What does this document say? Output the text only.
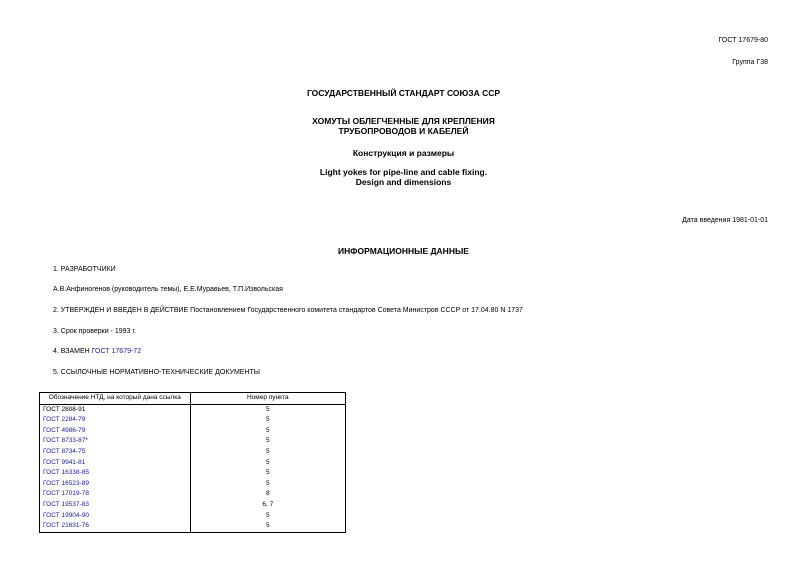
ГОСТ 17679-80
Группа Г38
ГОСУДАРСТВЕННЫЙ СТАНДАРТ СОЮЗА ССР
ХОМУТЫ ОБЛЕГЧЕННЫЕ ДЛЯ КРЕПЛЕНИЯ
ТРУБОПРОВОДОВ И КАБЕЛЕЙ
Конструкция и размеры
Light yokes for pipe-line and cable fixing.
Design and dimensions
Дата введения 1981-01-01
ИНФОРМАЦИОННЫЕ ДАННЫЕ
1. РАЗРАБОТЧИКИ
А.В.Анфиногенов (руководитель темы), Е.Е.Муравьев, Т.П.Извольская
2. УТВЕРЖДЕН И ВВЕДЕН В ДЕЙСТВИЕ Постановлением Государственного комитета стандартов Совета Министров СССР от 17.04.80 N 1737
3. Срок проверки - 1993 г.
4. ВЗАМЕН ГОСТ 17679-72
5. ССЫЛОЧНЫЕ НОРМАТИВНО-ТЕХНИЧЕСКИЕ ДОКУМЕНТЫ
Обозначение НТД, на который дана ссылка	Номер пункта
ГОСТ 2808-91	5
ГОСТ 2284-79	5
ГОСТ 4986-79	5
ГОСТ 8733-87*	5
ГОСТ 8734-75	5
ГОСТ 9941-81	5
ГОСТ 16338-85	5
ГОСТ 16523-89	5
ГОСТ 17019-78	8
ГОСТ 19537-83	6, 7
ГОСТ 19904-90	5
ГОСТ 21631-76	5
